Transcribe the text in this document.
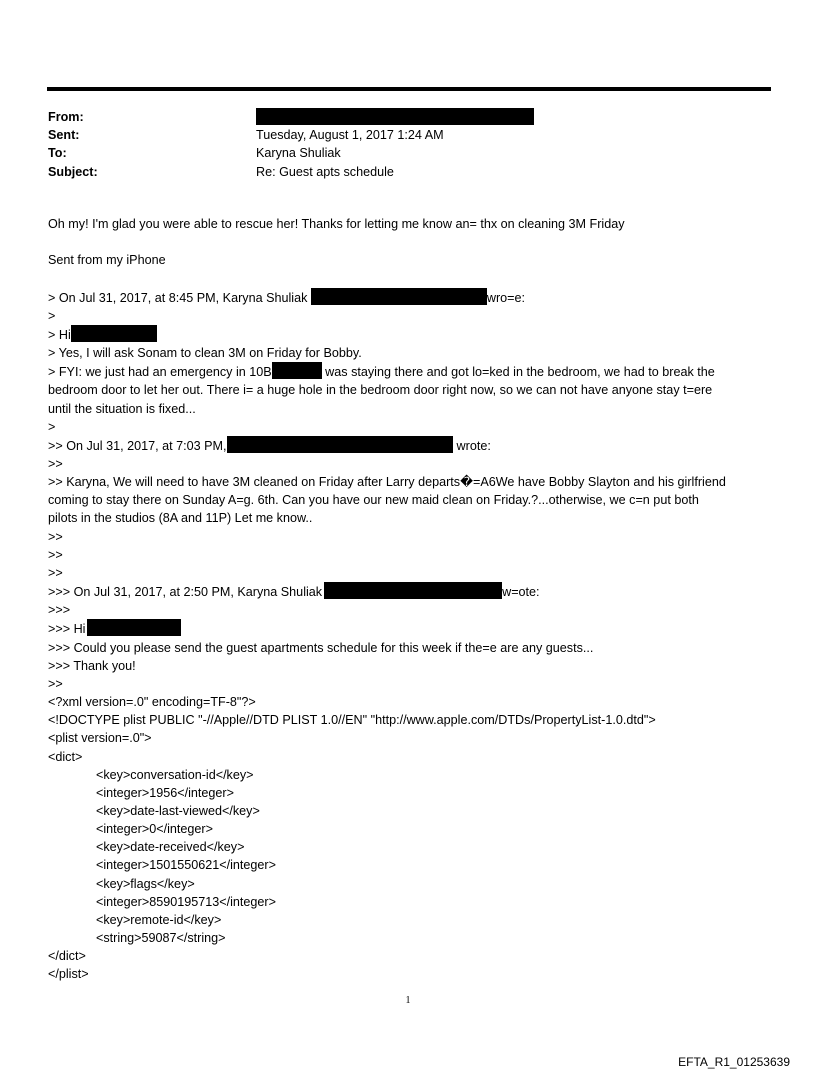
From:
Sent:	Tuesday, August 1, 2017 1:24 AM
To:	Karyna Shuliak
Subject:	Re: Guest apts schedule
Oh my! I'm glad you were able to rescue her! Thanks for letting me know an= thx on cleaning 3M Friday
Sent from my iPhone
> On Jul 31, 2017, at 8:45 PM, Karyna Shuliak	wro=e:
>
> Hi
> Yes, I will ask Sonam to clean 3M on Friday for Bobby.
> FYI: we just had an emergency in 10B	was staying there and got lo=ked in the bedroom, we had to break the
bedroom door to let her out. There i= a huge hole in the bedroom door right now, so we can not have anyone stay t=ere
until the situation is fixed...
>
>> On Jul 31, 2017, at 7:03 PM,	wrote:
>>
>> Karyna, We will need to have 3M cleaned on Friday after Larry departs�=A6We have Bobby Slayton and his girlfriend
coming to stay there on Sunday A=g. 6th. Can you have our new maid clean on Friday.?...otherwise, we c=n put both
pilots in the studios (8A and 11P) Let me know..
>>
>>
>>
>>> On Jul 31, 2017, at 2:50 PM, Karyna Shuliak	w=ote:
>>>
>>> Hi
>>> Could you please send the guest apartments schedule for this week if the=e are any guests...
>>> Thank you!
>>
<?xml version=.0" encoding=TF-8"?>
<!DOCTYPE plist PUBLIC "-//Apple//DTD PLIST 1.0//EN" "http://www.apple.com/DTDs/PropertyList-1.0.dtd">
<plist version=.0">
<dict>
<key>conversation-id</key>
<integer>1956</integer>
<key>date-last-viewed</key>
<integer>0</integer>
<key>date-received</key>
<integer>1501550621</integer>
<key>flags</key>
<integer>8590195713</integer>
<key>remote-id</key>
<string>59087</string>
</dict>
</plist>
1
EFTA_R1_01253639
